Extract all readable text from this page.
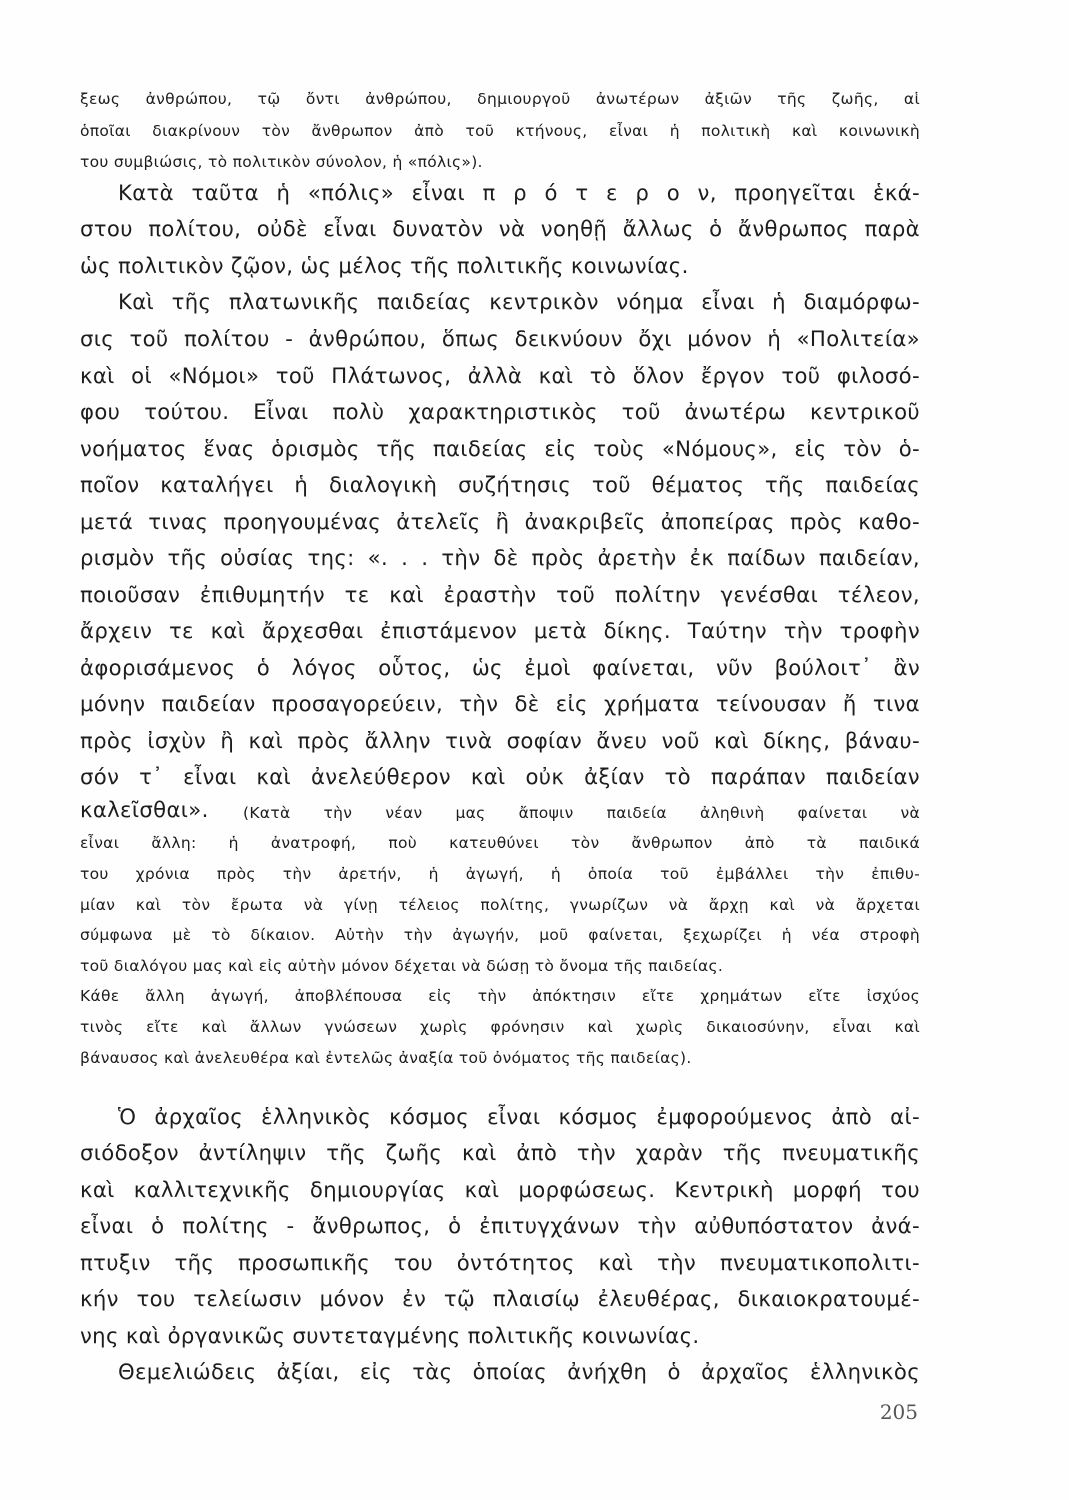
ξεως ἀνθρώπου, τῷ ὄντι ἀνθρώπου, δημιουργοῦ ἀνωτέρων ἀξιῶν τῆς ζωῆς, αἱ
ὁποῖαι διακρίνουν τὸν ἄνθρωπον ἀπὸ τοῦ κτήνους, εἶναι ἡ πολιτικὴ καὶ κοινωνικὴ
του συμβιώσις, τὸ πολιτικὸν σύνολον, ἡ «πόλις»).
Κατὰ ταῦτα ἡ «πόλις» εἶναι π ρ ό τ ε ρ ο ν, προηγεῖται ἑκά-
στου πολίτου, οὐδὲ εἶναι δυνατὸν νὰ νοηθῇ ἄλλως ὁ ἄνθρωπος παρὰ
ὡς πολιτικὸν ζῷον, ὡς μέλος τῆς πολιτικῆς κοινωνίας.
Καὶ τῆς πλατωνικῆς παιδείας κεντρικὸν νόημα εἶναι ἡ διαμόρφω-
σις τοῦ πολίτου - ἀνθρώπου, ὅπως δεικνύουν ὄχι μόνον ἡ «Πολιτεία»
καὶ οἱ «Νόμοι» τοῦ Πλάτωνος, ἀλλὰ καὶ τὸ ὅλον ἔργον τοῦ φιλοσό-
φου τούτου. Εἶναι πολὺ χαρακτηριστικὸς τοῦ ἀνωτέρω κεντρικοῦ
νοήματος ἕνας ὁρισμὸς τῆς παιδείας εἰς τοὺς «Νόμους», εἰς τὸν ὁ-
ποῖον καταλήγει ἡ διαλογικὴ συζήτησις τοῦ θέματος τῆς παιδείας
μετά τινας προηγουμένας ἀτελεῖς ἢ ἀνακριβεῖς ἀποπείρας πρὸς καθο-
ρισμὸν τῆς οὐσίας της: «. . . τὴν δὲ πρὸς ἀρετὴν ἐκ παίδων παιδείαν,
ποιοῦσαν ἐπιθυμητήν τε καὶ ἐραστὴν τοῦ πολίτην γενέσθαι τέλεον,
ἄρχειν τε καὶ ἄρχεσθαι ἐπιστάμενον μετὰ δίκης. Ταύτην τὴν τροφὴν
ἀφορισάμενος ὁ λόγος οὗτος, ὡς ἐμοὶ φαίνεται, νῦν βούλοιτ᾽ ἂν
μόνην παιδείαν προσαγορεύειν, τὴν δὲ εἰς χρήματα τείνουσαν ἤ τινα
πρὸς ἰσχὺν ἢ καὶ πρὸς ἄλλην τινὰ σοφίαν ἄνευ νοῦ καὶ δίκης, βάναυ-
σόν τ᾽ εἶναι καὶ ἀνελεύθερον καὶ οὐκ ἀξίαν τὸ παράπαν παιδείαν
καλεῖσθαι».	(Κατὰ τὴν νέαν μας ἄποψιν παιδεία ἀληθινὴ φαίνεται νὰ
εἶναι ἄλλη: ἡ ἀνατροφή, ποὺ κατευθύνει τὸν ἄνθρωπον ἀπὸ τὰ παιδικά
του χρόνια πρὸς τὴν ἀρετήν, ἡ ἀγωγή, ἡ ὁποία τοῦ ἐμβάλλει τὴν ἐπιθυ-
μίαν καὶ τὸν ἔρωτα νὰ γίνῃ τέλειος πολίτης, γνωρίζων νὰ ἄρχῃ καὶ νὰ ἄρχεται
σύμφωνα μὲ τὸ δίκαιον. Αὐτὴν τὴν ἀγωγήν, μοῦ φαίνεται, ξεχωρίζει ἡ νέα στροφὴ
τοῦ διαλόγου μας καὶ εἰς αὐτὴν μόνον δέχεται νὰ δώσῃ τὸ ὄνομα τῆς παιδείας.
Κάθε ἄλλη ἀγωγή, ἀποβλέπουσα εἰς τὴν ἀπόκτησιν εἴτε χρημάτων εἴτε ἰσχύος
τινὸς εἴτε καὶ ἄλλων γνώσεων χωρὶς φρόνησιν καὶ χωρὶς δικαιοσύνην, εἶναι καὶ
βάναυσος καὶ ἀνελευθέρα καὶ ἐντελῶς ἀναξία τοῦ ὀνόματος τῆς παιδείας).
Ὁ ἀρχαῖος ἑλληνικὸς κόσμος εἶναι κόσμος ἐμφορούμενος ἀπὸ αἰ-
σιόδοξον ἀντίληψιν τῆς ζωῆς καὶ ἀπὸ τὴν χαρὰν τῆς πνευματικῆς
καὶ καλλιτεχνικῆς δημιουργίας καὶ μορφώσεως. Κεντρικὴ μορφή του
εἶναι ὁ πολίτης - ἄνθρωπος, ὁ ἐπιτυγχάνων τὴν αὐθυπόστατον ἀνά-
πτυξιν τῆς προσωπικῆς του ὀντότητος καὶ τὴν πνευματικοπολιτι-
κήν του τελείωσιν μόνον ἐν τῷ πλαισίῳ ἐλευθέρας, δικαιοκρατουμέ-
νης καὶ ὀργανικῶς συντεταγμένης πολιτικῆς κοινωνίας.
Θεμελιώδεις ἀξίαι, εἰς τὰς ὁποίας ἀνήχθη ὁ ἀρχαῖος ἑλληνικὸς
205
